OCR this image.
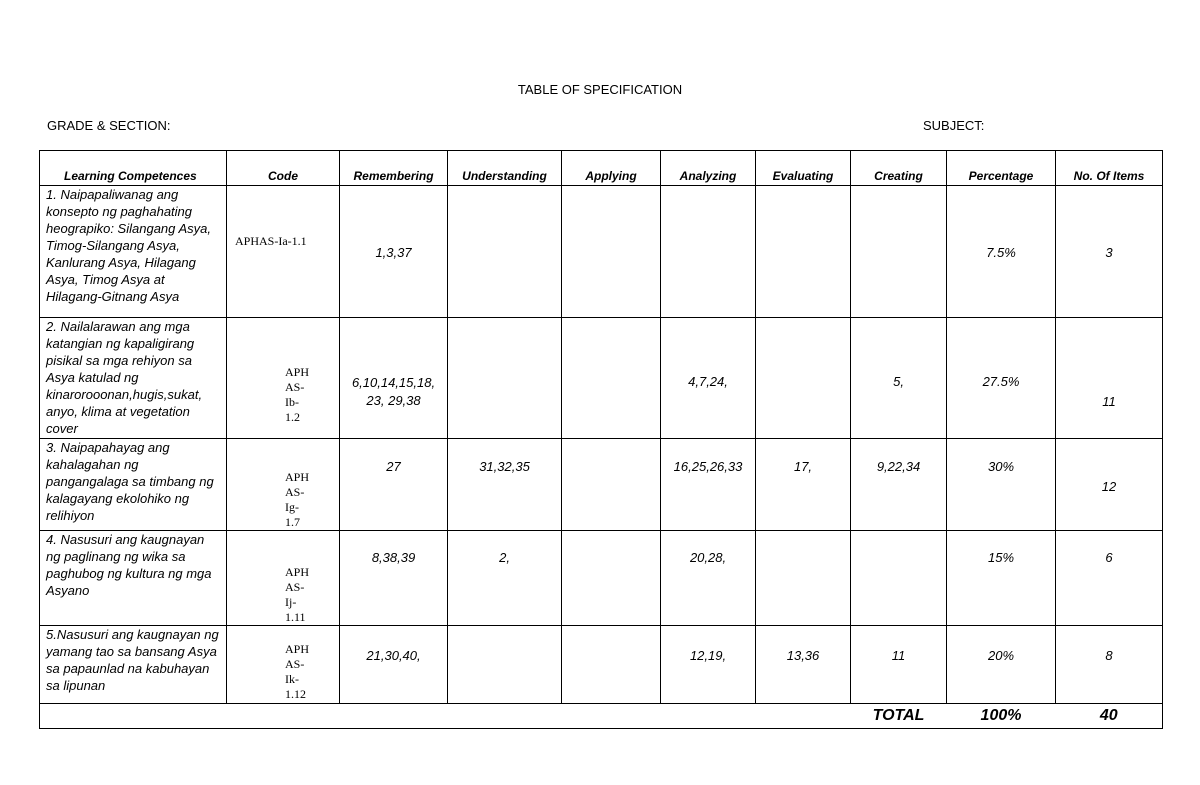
TABLE OF SPECIFICATION
GRADE & SECTION:	SUBJECT:
Learning Competences	Code	Remembering	Understanding	Applying	Analyzing	Evaluating	Creating	Percentage	No. Of Items
1. Naipapaliwanag ang konsepto ng paghahating heograpiko: Silangang Asya, Timog-Silangang Asya, Kanlurang Asya, Hilagang Asya, Timog Asya at Hilagang-Gitnang Asya	APHAS-Ia-1.1	1,3,37						7.5%	3

2. Nailalarawan ang mga katangian ng kapaligirang pisikal sa mga rehiyon sa Asya katulad ng kinarorooonan,hugis,sukat, anyo, klima at vegetation cover	APH AS-Ib-1.2	6,10,14,15,18, 23, 29,38			4,7,24,		5,	27.5%	11

3. Naipapahayag ang kahalagahan ng pangangalaga sa timbang ng kalagayang ekolohiko ng relihiyon	APH AS-Ig-1.7	27	31,32,35		16,25,26,33	17,	9,22,34	30%	12

4. Nasusuri ang kaugnayan ng paglinang ng wika sa paghubog ng kultura ng mga Asyano	APH AS-Ij-1.11	8,38,39	2,		20,28,			15%	6

5.Nasusuri ang kaugnayan ng yamang tao sa bansang Asya sa papaunlad na kabuhayan sa lipunan	APH AS-Ik-1.12	21,30,40,			12,19,	13,36	11	20%	8

							TOTAL	100%	40
